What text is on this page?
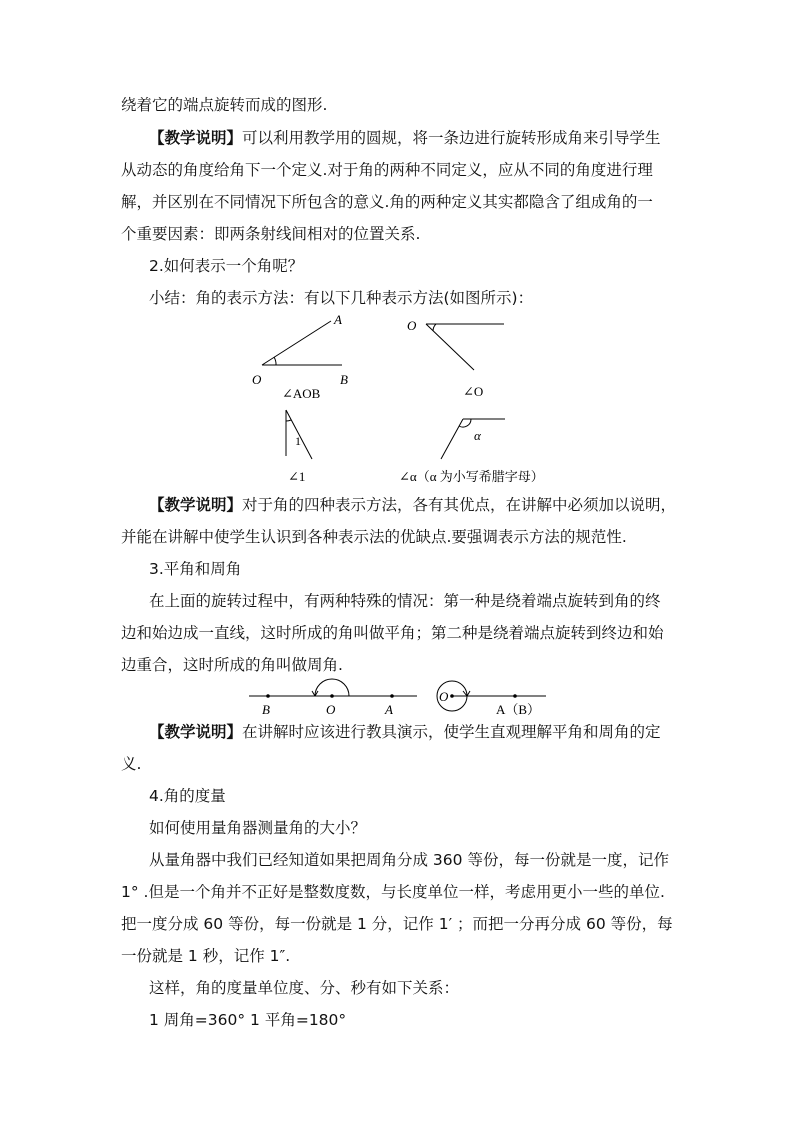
绕着它的端点旋转而成的图形.
【教学说明】可以利用教学用的圆规，将一条边进行旋转形成角来引导学生
从动态的角度给角下一个定义.对于角的两种不同定义，应从不同的角度进行理
解，并区别在不同情况下所包含的意义.角的两种定义其实都隐含了组成角的一
个重要因素：即两条射线间相对的位置关系.
2.如何表示一个角呢？
小结：角的表示方法：有以下几种表示方法(如图所示)：
A
O	B
∠AOB
O
∠O
1
∠1
α
∠α（α 为小写希腊字母）
【教学说明】对于角的四种表示方法，各有其优点，在讲解中必须加以说明，
并能在讲解中使学生认识到各种表示法的优缺点.要强调表示方法的规范性.
3.平角和周角
在上面的旋转过程中，有两种特殊的情况：第一种是绕着端点旋转到角的终
边和始边成一直线，这时所成的角叫做平角；第二种是绕着端点旋转到终边和始
边重合，这时所成的角叫做周角.
B	O	A
O
A（B）
【教学说明】在讲解时应该进行教具演示，使学生直观理解平角和周角的定
义.
4.角的度量
如何使用量角器测量角的大小？
从量角器中我们已经知道如果把周角分成 360 等份，每一份就是一度，记作
1° .但是一个角并不正好是整数度数，与长度单位一样，考虑用更小一些的单位.
把一度分成 60 等份，每一份就是 1 分，记作 1′ ；而把一分再分成 60 等份，每
一份就是 1 秒，记作 1″.
这样，角的度量单位度、分、秒有如下关系：
1 周角=360° 1 平角=180°
